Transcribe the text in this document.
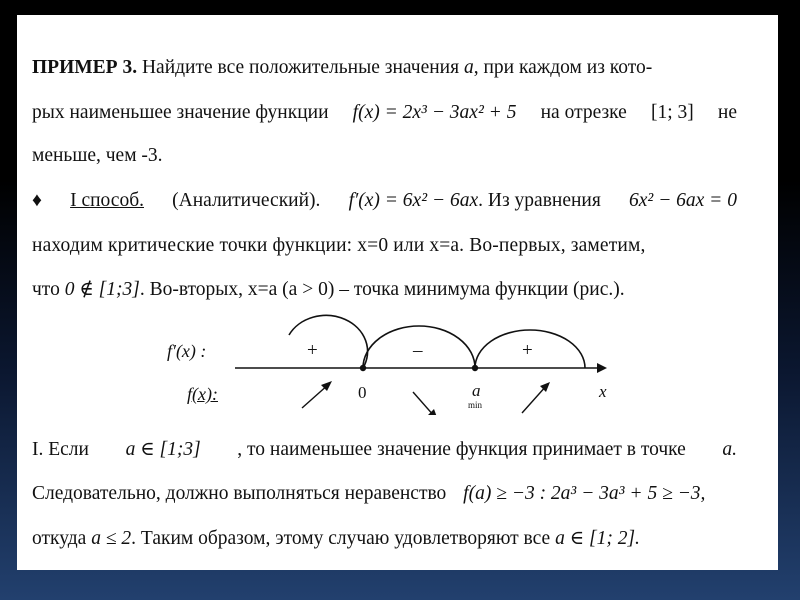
ПРИМЕР 3. Найдите все положительные значения a, при каждом из кото-
рых наименьшее значение функции f(x) = 2x³ − 3ax² + 5 на отрезке [1; 3] не
меньше, чем -3.
♦ I способ. (Аналитический). f′(x) = 6x² − 6ax. Из уравнения 6x² − 6ax = 0
находим критические точки функции: x=0 или x=a. Во-первых, заметим,
что 0 ∉ [1;3]. Во-вторых, x=a (a > 0) – точка минимума функции (рис.).
f′(x) :	+	–	+
f(x):	0	a
min
x
I. Если a ∈ [1;3] , то наименьшее значение функция принимает в точке a.
Следовательно, должно выполняться неравенство f(a) ≥ −3 : 2a³ − 3a³ + 5 ≥ −3,
откуда a ≤ 2. Таким образом, этому случаю удовлетворяют все a ∈ [1; 2].
